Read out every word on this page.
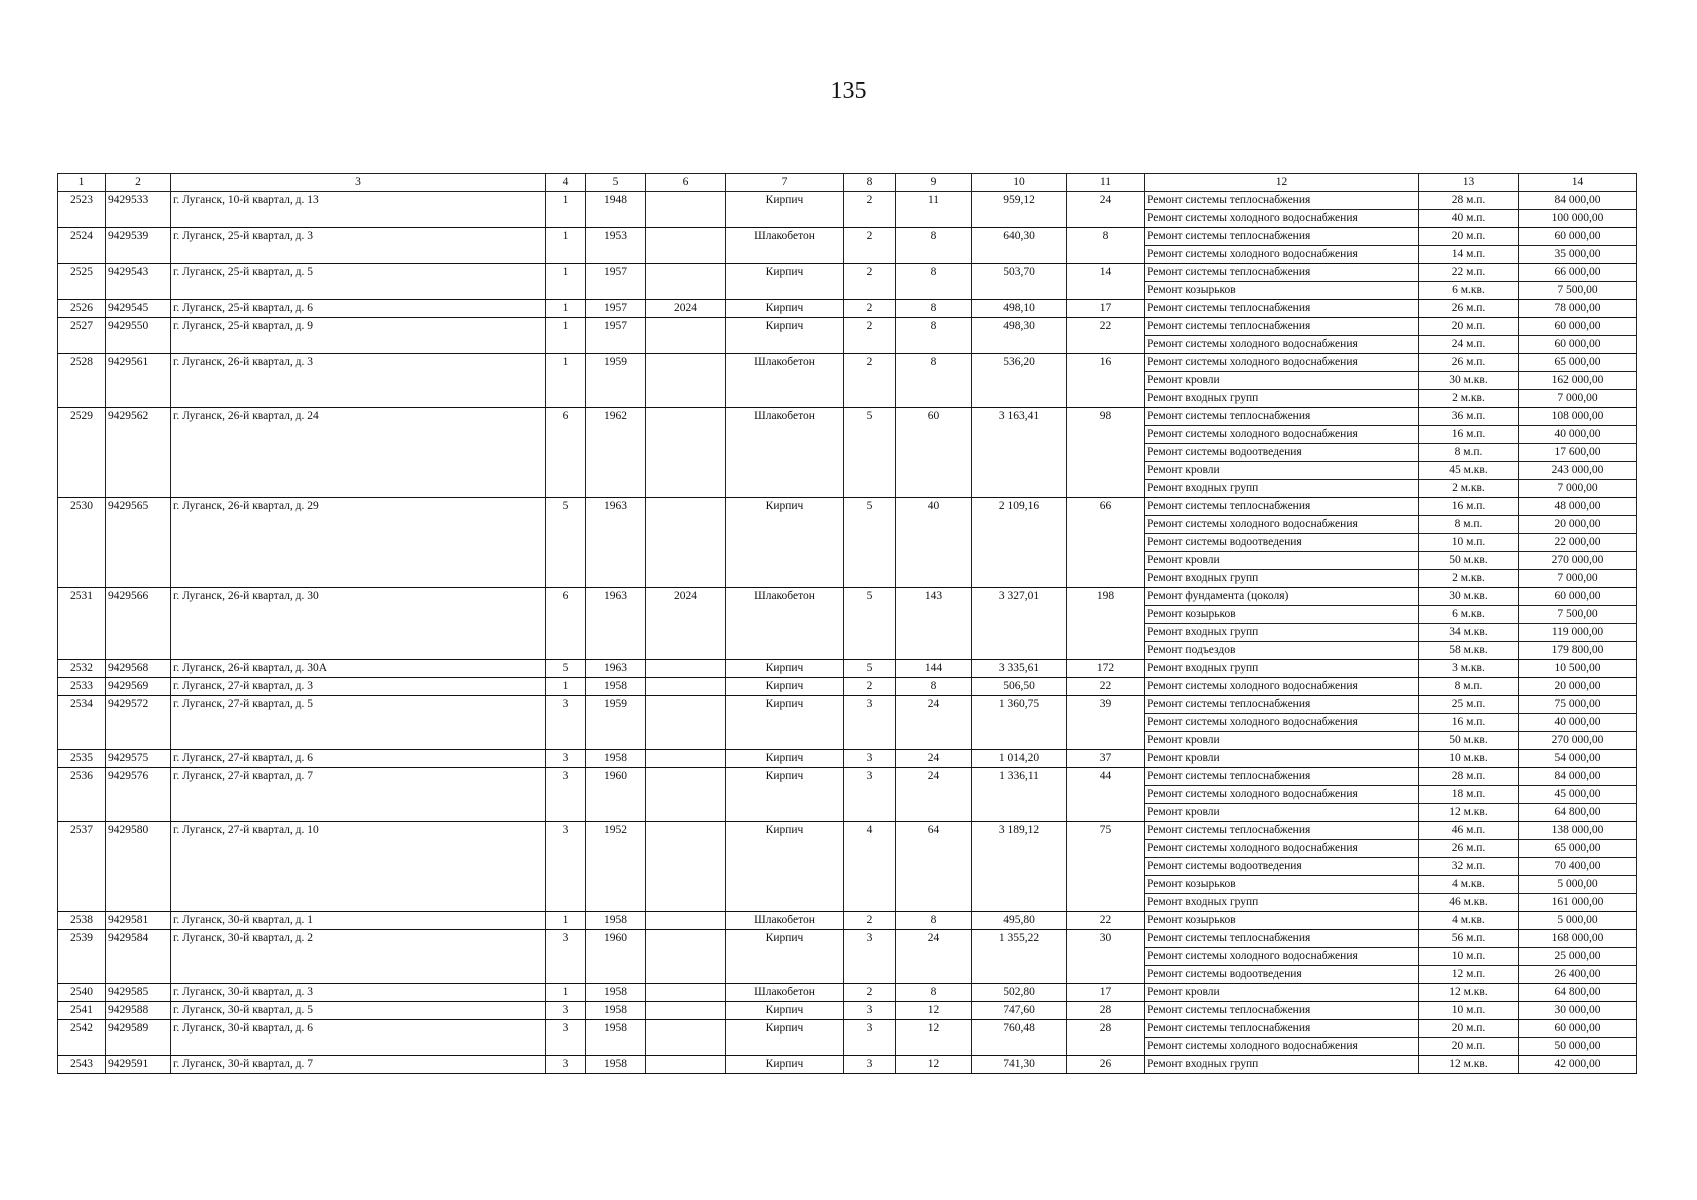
135
1	2	3	4	5	6	7	8	9	10	11	12	13	14
2523	9429533	г. Луганск, 10-й квартал, д. 13	1	1948		Кирпич	2	11	959,12	24	Ремонт системы теплоснабжения	28 м.п.	84 000,00
											Ремонт системы холодного водоснабжения	40 м.п.	100 000,00
2524	9429539	г. Луганск, 25-й квартал, д. 3	1	1953		Шлакобетон	2	8	640,30	8	Ремонт системы теплоснабжения	20 м.п.	60 000,00
											Ремонт системы холодного водоснабжения	14 м.п.	35 000,00
2525	9429543	г. Луганск, 25-й квартал, д. 5	1	1957		Кирпич	2	8	503,70	14	Ремонт системы теплоснабжения	22 м.п.	66 000,00
											Ремонт козырьков	6 м.кв.	7 500,00
2526	9429545	г. Луганск, 25-й квартал, д. 6	1	1957	2024	Кирпич	2	8	498,10	17	Ремонт системы теплоснабжения	26 м.п.	78 000,00
2527	9429550	г. Луганск, 25-й квартал, д. 9	1	1957		Кирпич	2	8	498,30	22	Ремонт системы теплоснабжения	20 м.п.	60 000,00
											Ремонт системы холодного водоснабжения	24 м.п.	60 000,00
2528	9429561	г. Луганск, 26-й квартал, д. 3	1	1959		Шлакобетон	2	8	536,20	16	Ремонт системы холодного водоснабжения	26 м.п.	65 000,00
											Ремонт кровли	30 м.кв.	162 000,00
											Ремонт входных групп	2 м.кв.	7 000,00
2529	9429562	г. Луганск, 26-й квартал, д. 24	6	1962		Шлакобетон	5	60	3 163,41	98	Ремонт системы теплоснабжения	36 м.п.	108 000,00
											Ремонт системы холодного водоснабжения	16 м.п.	40 000,00
											Ремонт системы водоотведения	8 м.п.	17 600,00
											Ремонт кровли	45 м.кв.	243 000,00
											Ремонт входных групп	2 м.кв.	7 000,00
2530	9429565	г. Луганск, 26-й квартал, д. 29	5	1963		Кирпич	5	40	2 109,16	66	Ремонт системы теплоснабжения	16 м.п.	48 000,00
											Ремонт системы холодного водоснабжения	8 м.п.	20 000,00
											Ремонт системы водоотведения	10 м.п.	22 000,00
											Ремонт кровли	50 м.кв.	270 000,00
											Ремонт входных групп	2 м.кв.	7 000,00
2531	9429566	г. Луганск, 26-й квартал, д. 30	6	1963	2024	Шлакобетон	5	143	3 327,01	198	Ремонт фундамента (цоколя)	30 м.кв.	60 000,00
											Ремонт козырьков	6 м.кв.	7 500,00
											Ремонт входных групп	34 м.кв.	119 000,00
											Ремонт подъездов	58 м.кв.	179 800,00
2532	9429568	г. Луганск, 26-й квартал, д. 30А	5	1963		Кирпич	5	144	3 335,61	172	Ремонт входных групп	3 м.кв.	10 500,00
2533	9429569	г. Луганск, 27-й квартал, д. 3	1	1958		Кирпич	2	8	506,50	22	Ремонт системы холодного водоснабжения	8 м.п.	20 000,00
2534	9429572	г. Луганск, 27-й квартал, д. 5	3	1959		Кирпич	3	24	1 360,75	39	Ремонт системы теплоснабжения	25 м.п.	75 000,00
											Ремонт системы холодного водоснабжения	16 м.п.	40 000,00
											Ремонт кровли	50 м.кв.	270 000,00
2535	9429575	г. Луганск, 27-й квартал, д. 6	3	1958		Кирпич	3	24	1 014,20	37	Ремонт кровли	10 м.кв.	54 000,00
2536	9429576	г. Луганск, 27-й квартал, д. 7	3	1960		Кирпич	3	24	1 336,11	44	Ремонт системы теплоснабжения	28 м.п.	84 000,00
											Ремонт системы холодного водоснабжения	18 м.п.	45 000,00
											Ремонт кровли	12 м.кв.	64 800,00
2537	9429580	г. Луганск, 27-й квартал, д. 10	3	1952		Кирпич	4	64	3 189,12	75	Ремонт системы теплоснабжения	46 м.п.	138 000,00
											Ремонт системы холодного водоснабжения	26 м.п.	65 000,00
											Ремонт системы водоотведения	32 м.п.	70 400,00
											Ремонт козырьков	4 м.кв.	5 000,00
											Ремонт входных групп	46 м.кв.	161 000,00
2538	9429581	г. Луганск, 30-й квартал, д. 1	1	1958		Шлакобетон	2	8	495,80	22	Ремонт козырьков	4 м.кв.	5 000,00
2539	9429584	г. Луганск, 30-й квартал, д. 2	3	1960		Кирпич	3	24	1 355,22	30	Ремонт системы теплоснабжения	56 м.п.	168 000,00
											Ремонт системы холодного водоснабжения	10 м.п.	25 000,00
											Ремонт системы водоотведения	12 м.п.	26 400,00
2540	9429585	г. Луганск, 30-й квартал, д. 3	1	1958		Шлакобетон	2	8	502,80	17	Ремонт кровли	12 м.кв.	64 800,00
2541	9429588	г. Луганск, 30-й квартал, д. 5	3	1958		Кирпич	3	12	747,60	28	Ремонт системы теплоснабжения	10 м.п.	30 000,00
2542	9429589	г. Луганск, 30-й квартал, д. 6	3	1958		Кирпич	3	12	760,48	28	Ремонт системы теплоснабжения	20 м.п.	60 000,00
											Ремонт системы холодного водоснабжения	20 м.п.	50 000,00
2543	9429591	г. Луганск, 30-й квартал, д. 7	3	1958		Кирпич	3	12	741,30	26	Ремонт входных групп	12 м.кв.	42 000,00
